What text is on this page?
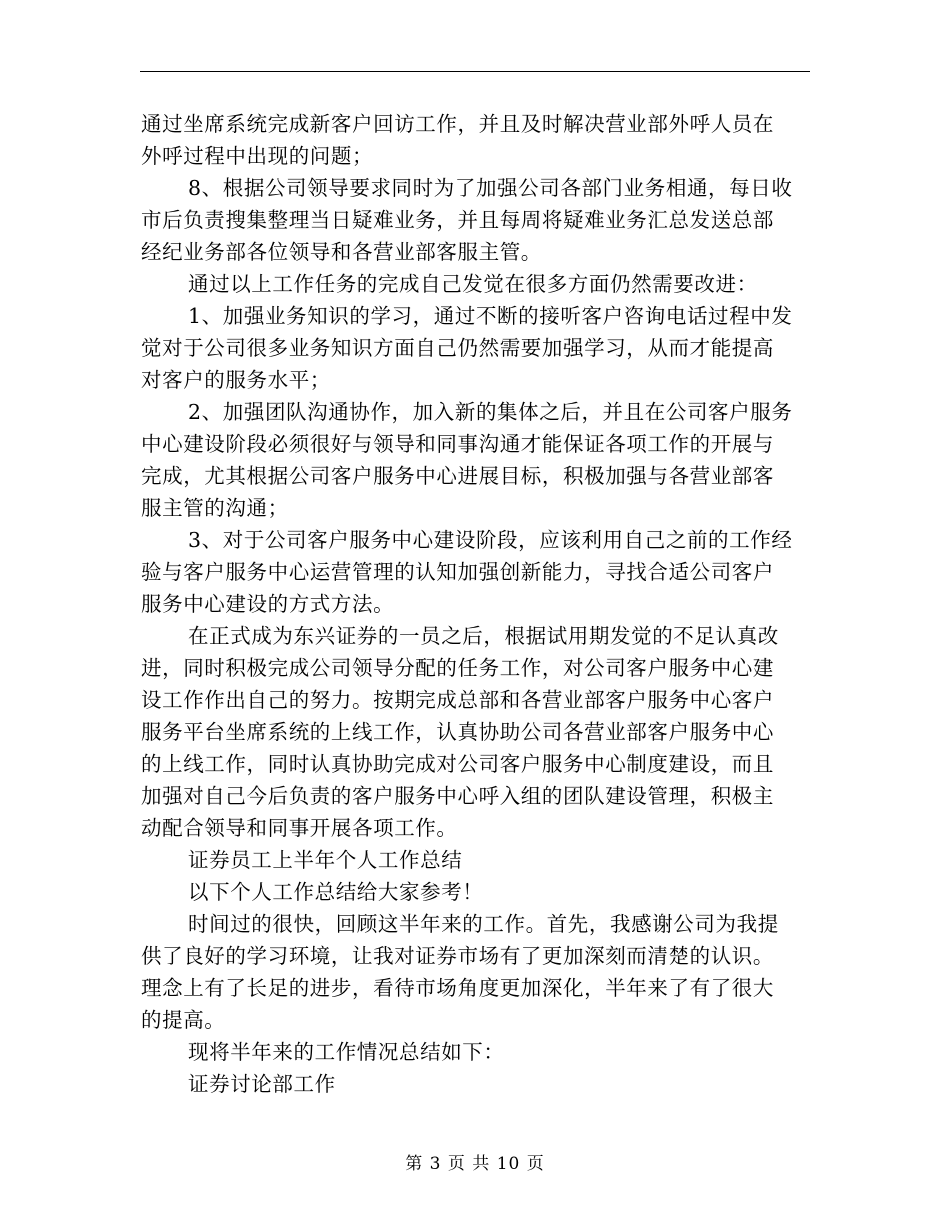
通过坐席系统完成新客户回访工作，并且及时解决营业部外呼人员在
外呼过程中出现的问题；
8、根据公司领导要求同时为了加强公司各部门业务相通，每日收
市后负责搜集整理当日疑难业务，并且每周将疑难业务汇总发送总部
经纪业务部各位领导和各营业部客服主管。
通过以上工作任务的完成自己发觉在很多方面仍然需要改进：
1、加强业务知识的学习，通过不断的接听客户咨询电话过程中发
觉对于公司很多业务知识方面自己仍然需要加强学习，从而才能提高
对客户的服务水平；
2、加强团队沟通协作，加入新的集体之后，并且在公司客户服务
中心建设阶段必须很好与领导和同事沟通才能保证各项工作的开展与
完成，尤其根据公司客户服务中心进展目标，积极加强与各营业部客
服主管的沟通；
3、对于公司客户服务中心建设阶段，应该利用自己之前的工作经
验与客户服务中心运营管理的认知加强创新能力，寻找合适公司客户
服务中心建设的方式方法。
在正式成为东兴证券的一员之后，根据试用期发觉的不足认真改
进，同时积极完成公司领导分配的任务工作，对公司客户服务中心建
设工作作出自己的努力。按期完成总部和各营业部客户服务中心客户
服务平台坐席系统的上线工作，认真协助公司各营业部客户服务中心
的上线工作，同时认真协助完成对公司客户服务中心制度建设，而且
加强对自己今后负责的客户服务中心呼入组的团队建设管理，积极主
动配合领导和同事开展各项工作。
证券员工上半年个人工作总结
以下个人工作总结给大家参考！
时间过的很快，回顾这半年来的工作。首先，我感谢公司为我提
供了良好的学习环境，让我对证券市场有了更加深刻而清楚的认识。
理念上有了长足的进步，看待市场角度更加深化，半年来了有了很大
的提高。
现将半年来的工作情况总结如下：
证券讨论部工作
第 3 页 共 10 页
